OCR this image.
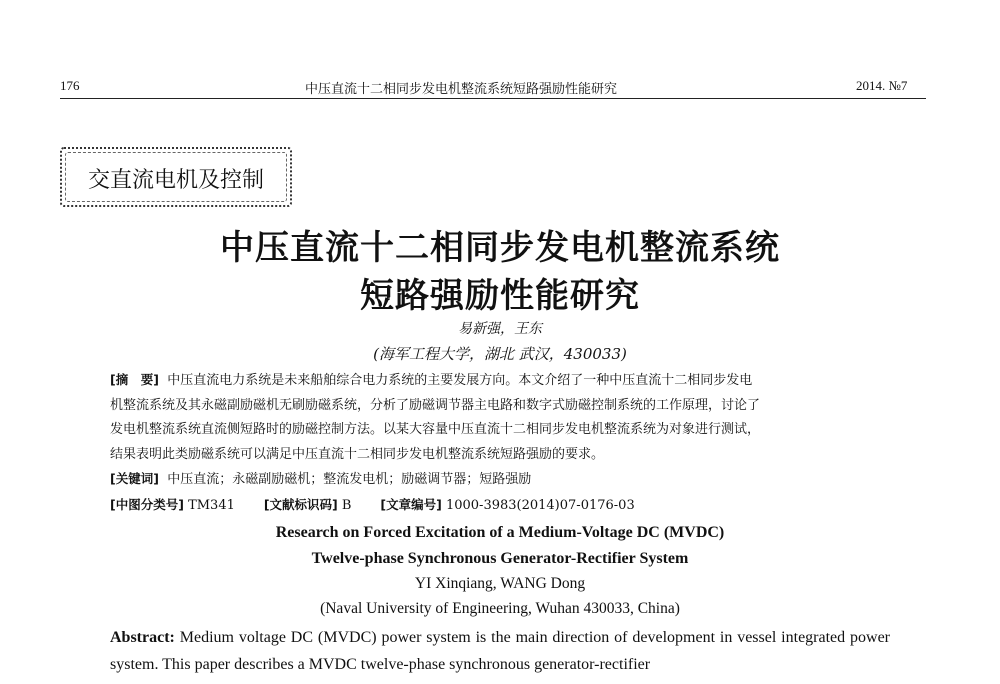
176	中压直流十二相同步发电机整流系统短路强励性能研究	2014. №7
交直流电机及控制
中压直流十二相同步发电机整流系统
短路强励性能研究
易新强，王东
(海军工程大学，湖北 武汉，430033)

[摘　要] 中压直流电力系统是未来船舶综合电力系统的主要发展方向。本文介绍了一种中压直流十二相同步发电

机整流系统及其永磁副励磁机无刷励磁系统，分析了励磁调节器主电路和数字式励磁控制系统的工作原理，讨论了

发电机整流系统直流侧短路时的励磁控制方法。以某大容量中压直流十二相同步发电机整流系统为对象进行测试，

结果表明此类励磁系统可以满足中压直流十二相同步发电机整流系统短路强励的要求。

[关键词] 中压直流；永磁副励磁机；整流发电机；励磁调节器；短路强励

[中图分类号] TM341 [文献标识码] B [文章编号] 1000-3983(2014)07-0176-03

Research on Forced Excitation of a Medium-Voltage DC (MVDC)
Twelve-phase Synchronous Generator-Rectifier System
YI Xinqiang, WANG Dong
(Naval University of Engineering, Wuhan 430033, China)
Abstract: Medium voltage DC (MVDC) power system is the main direction of development in vessel integrated power system. This paper describes a MVDC twelve-phase synchronous generator-rectifier
